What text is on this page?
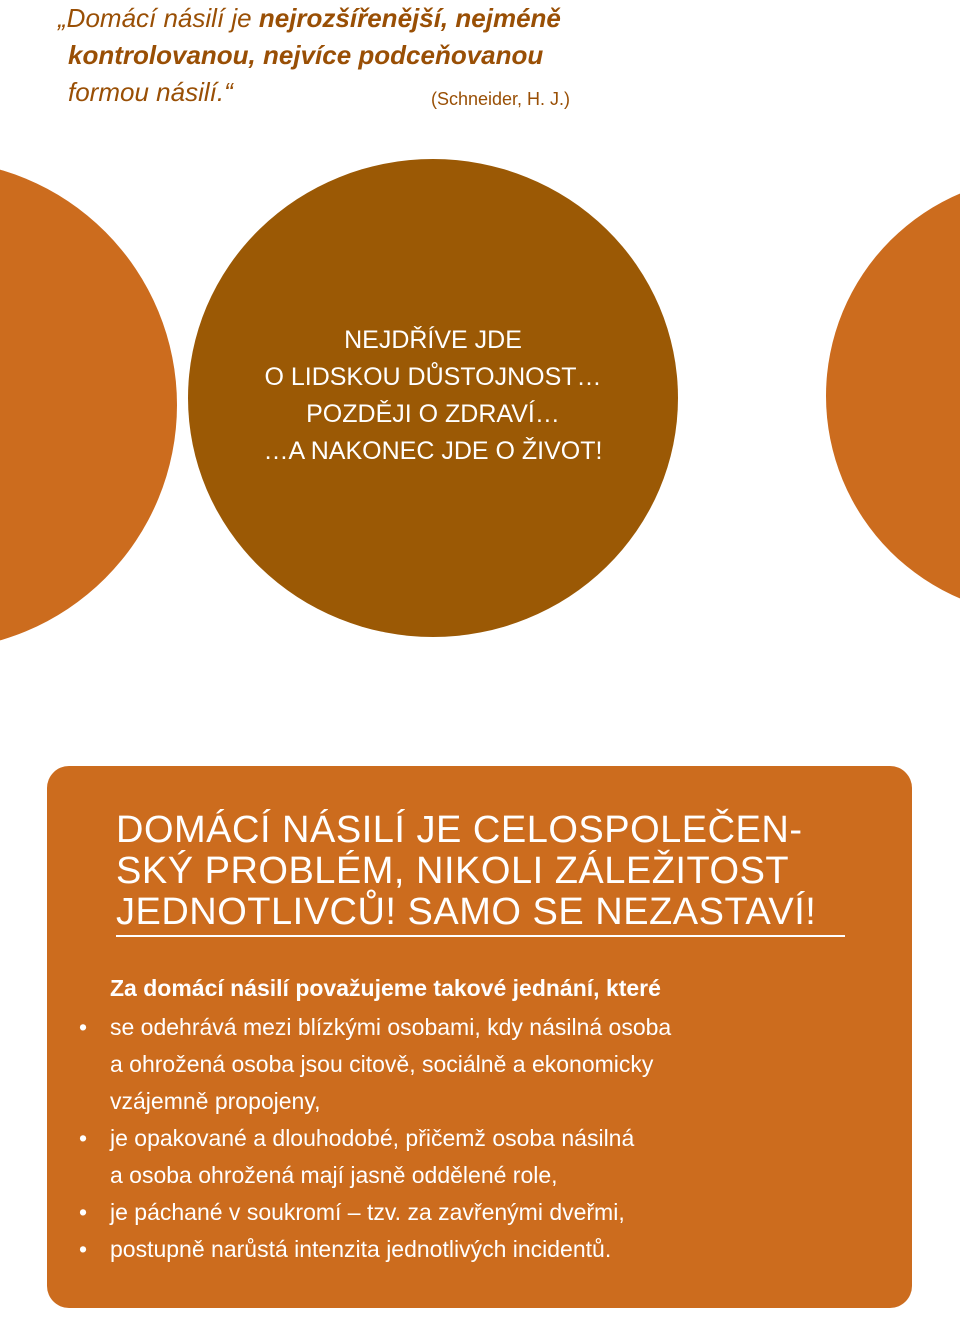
„Domácí násilí je nejrozšířenější, nejméně
kontrolovanou, nejvíce podceňovanou
formou násilí.“	(Schneider, H. J.)
NEJDŘÍVE JDE
O LIDSKOU DŮSTOJNOST…
POZDĚJI O ZDRAVÍ…
…A NAKONEC JDE O ŽIVOT!
DOMÁCÍ NÁSILÍ JE CELOSPOLEČEN-
SKÝ PROBLÉM, NIKOLI ZÁLEŽITOST
JEDNOTLIVCŮ! SAMO SE NEZASTAVÍ!
Za domácí násilí považujeme takové jednání, které
• se odehrává mezi blízkými osobami, kdy násilná osoba
a ohrožená osoba jsou citově, sociálně a ekonomicky
vzájemně propojeny,
• je opakované a dlouhodobé, přičemž osoba násilná
a osoba ohrožená mají jasně oddělené role,
• je páchané v soukromí – tzv. za zavřenými dveřmi,
• postupně narůstá intenzita jednotlivých incidentů.
